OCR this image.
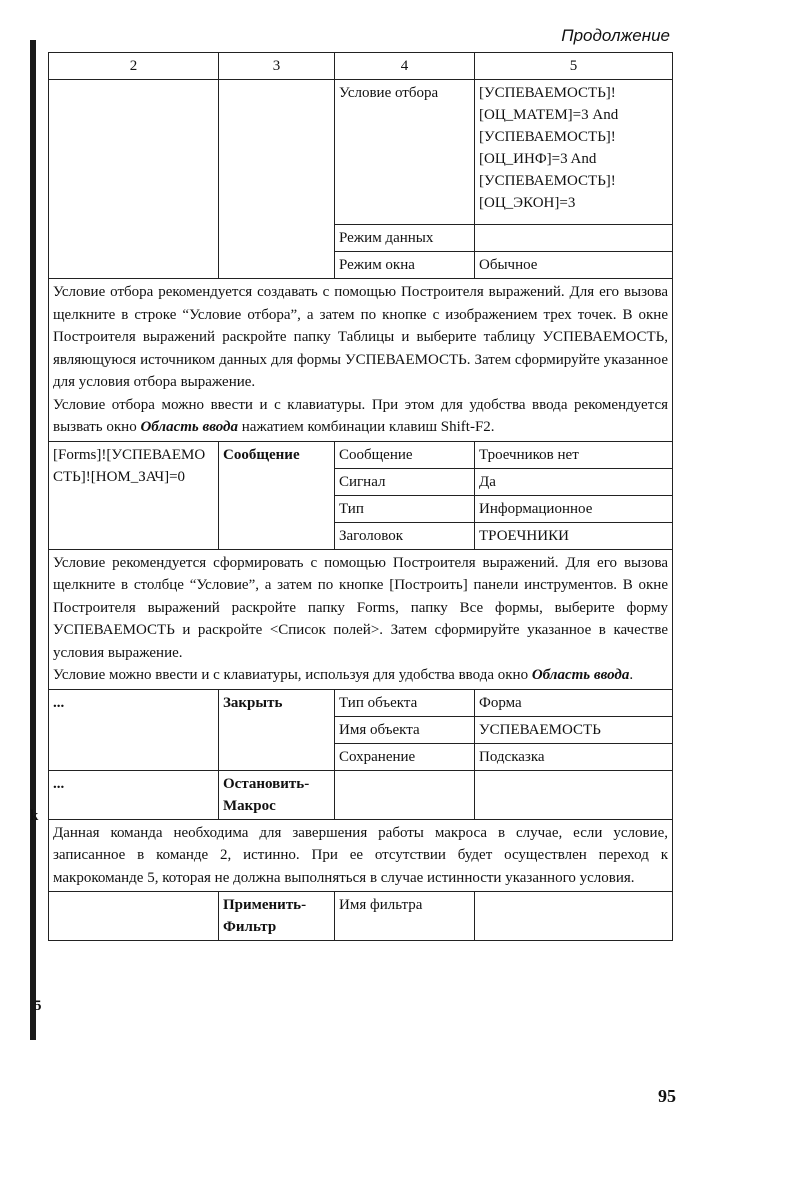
k
5
Продолжение
2	3	4	5
		Условие отбора	[УСПЕВАЕМОСТЬ]![ОЦ_МАТЕМ]=3 And [УСПЕВАЕМОСТЬ]![ОЦ_ИНФ]=3 And [УСПЕВАЕМОСТЬ]![ОЦ_ЭКОН]=3
		Режим данных	
		Режим окна	Обычное
Условие отбора рекомендуется создавать с помощью Построителя выражений. Для его вызова щелкните в строке “Условие отбора”, а затем по кнопке с изображением трех точек. В окне Построителя выражений раскройте папку Таблицы и выберите таблицу УСПЕВАЕМОСТЬ, являющуюся источником данных для формы УСПЕВАЕМОСТЬ. Затем сформируйте указанное для условия отбора выражение.
Условие отбора можно ввести и с клавиатуры. При этом для удобства ввода рекомендуется вызвать окно Область ввода нажатием комбинации клавиш Shift-F2.			
[Forms]![УСПЕВАЕМОСТЬ]![НОМ_ЗАЧ]=0	Сообщение	Сообщение	Троечников нет
		Сигнал	Да
		Тип	Информационное
		Заголовок	ТРОЕЧНИКИ
Условие рекомендуется сформировать с помощью Построителя выражений. Для его вызова щелкните в столбце “Условие”, а затем по кнопке [Построить] панели инструментов. В окне Построителя выражений раскройте папку Forms, папку Все формы, выберите форму УСПЕВАЕМОСТЬ и раскройте <Список полей>. Затем сформируйте указанное в качестве условия выражение.
Условие можно ввести и с клавиатуры, используя для удобства ввода окно Область ввода.			
...	Закрыть	Тип объекта	Форма
		Имя объекта	УСПЕВАЕМОСТЬ
		Сохранение	Подсказка
...	Остановить-Макрос		
Данная команда необходима для завершения работы макроса в случае, если условие, записанное в команде 2, истинно. При ее отсутствии будет осуществлен переход к макрокоманде 5, которая не должна выполняться в случае истинности указанного условия.			
	Применить-Фильтр	Имя фильтра	
95
